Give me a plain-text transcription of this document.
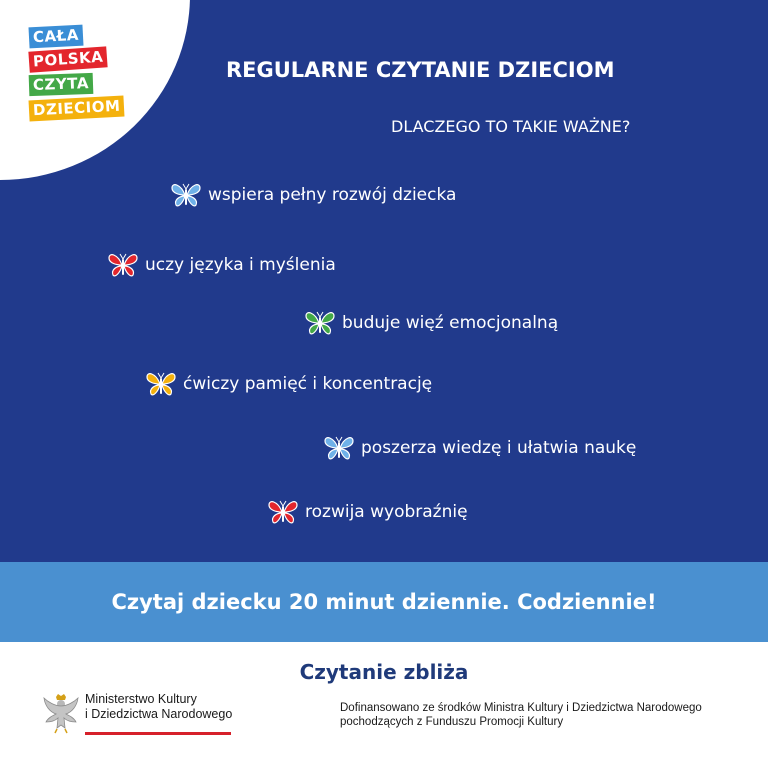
CAŁA
POLSKA
CZYTA
DZIECIOM
REGULARNE CZYTANIE DZIECIOM
DLACZEGO TO TAKIE WAŻNE?
wspiera pełny rozwój dziecka
uczy języka i myślenia
buduje więź emocjonalną
ćwiczy pamięć i koncentrację
poszerza wiedzę i ułatwia naukę
rozwija wyobraźnię
Czytaj dziecku 20 minut dziennie. Codziennie!
Czytanie zbliża
Ministerstwo Kultury
i Dziedzictwa Narodowego	Dofinansowano ze środków Ministra Kultury i Dziedzictwa Narodowego
pochodzących z Funduszu Promocji Kultury
